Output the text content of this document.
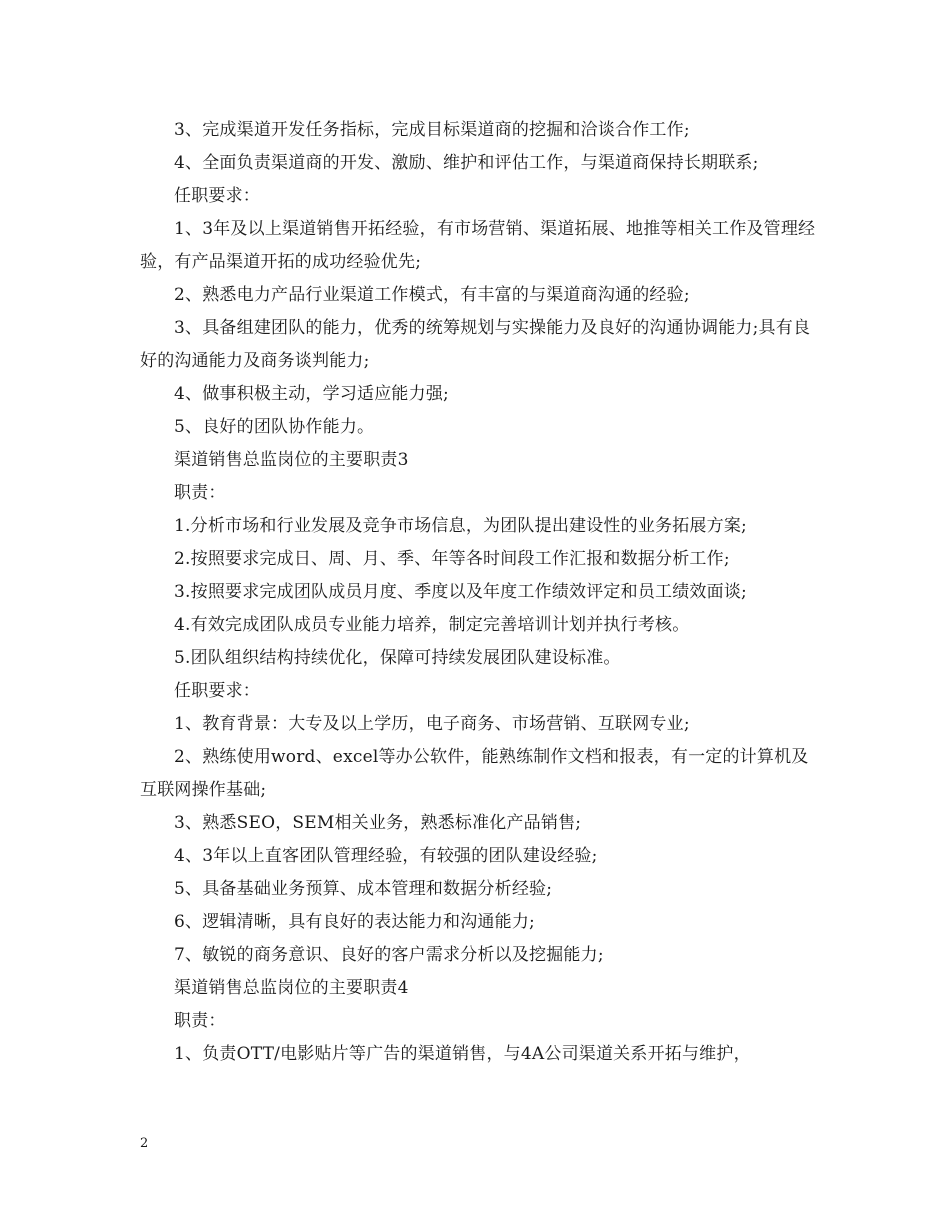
3、完成渠道开发任务指标，完成目标渠道商的挖掘和洽谈合作工作;

4、全面负责渠道商的开发、激励、维护和评估工作，与渠道商保持长期联系;

任职要求：

1、3年及以上渠道销售开拓经验，有市场营销、渠道拓展、地推等相关工作及管理经验，有产品渠道开拓的成功经验优先;

2、熟悉电力产品行业渠道工作模式，有丰富的与渠道商沟通的经验;

3、具备组建团队的能力，优秀的统筹规划与实操能力及良好的沟通协调能力;具有良好的沟通能力及商务谈判能力;

4、做事积极主动，学习适应能力强;

5、良好的团队协作能力。

渠道销售总监岗位的主要职责3

职责：

1.分析市场和行业发展及竞争市场信息，为团队提出建设性的业务拓展方案;

2.按照要求完成日、周、月、季、年等各时间段工作汇报和数据分析工作;

3.按照要求完成团队成员月度、季度以及年度工作绩效评定和员工绩效面谈;

4.有效完成团队成员专业能力培养，制定完善培训计划并执行考核。

5.团队组织结构持续优化，保障可持续发展团队建设标准。

任职要求：

1、教育背景：大专及以上学历，电子商务、市场营销、互联网专业;

2、熟练使用word、excel等办公软件，能熟练制作文档和报表，有一定的计算机及互联网操作基础;

3、熟悉SEO，SEM相关业务，熟悉标准化产品销售;

4、3年以上直客团队管理经验，有较强的团队建设经验;

5、具备基础业务预算、成本管理和数据分析经验;

6、逻辑清晰，具有良好的表达能力和沟通能力;

7、敏锐的商务意识、良好的客户需求分析以及挖掘能力;

渠道销售总监岗位的主要职责4

职责：

1、负责OTT/电影贴片等广告的渠道销售，与4A公司渠道关系开拓与维护，

2
